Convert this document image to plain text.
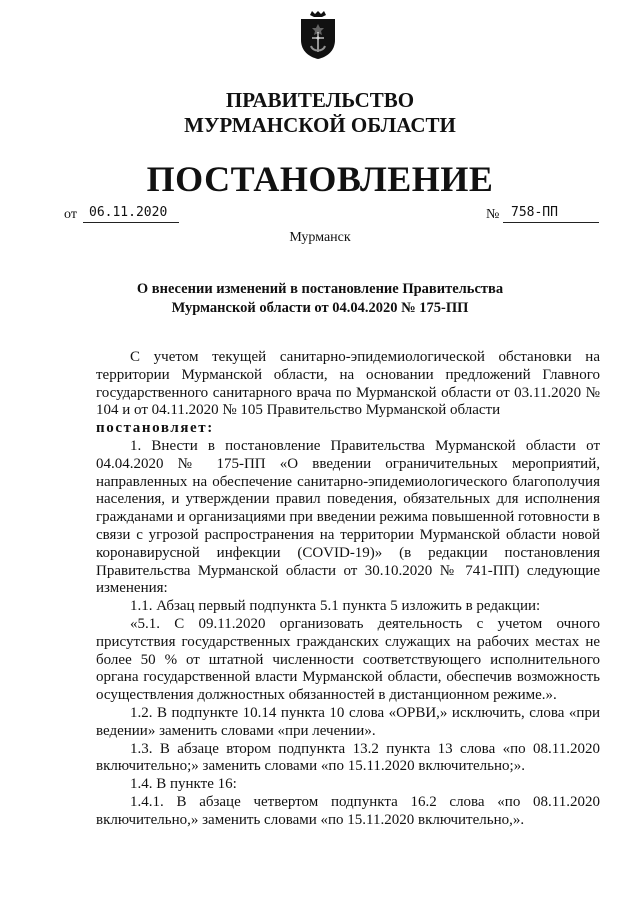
ПРАВИТЕЛЬСТВО
МУРМАНСКОЙ ОБЛАСТИ
ПОСТАНОВЛЕНИЕ
от 06.11.2020	№ 758-ПП
Мурманск
О внесении изменений в постановление Правительства
Мурманской области от 04.04.2020 № 175-ПП

С учетом текущей санитарно-эпидемиологической обстановки на территории Мурманской области, на основании предложений Главного государственного санитарного врача по Мурманской области от 03.11.2020 № 104 и от 04.11.2020 № 105 Правительство Мурманской области

постановляет:

1. Внести в постановление Правительства Мурманской области от 04.04.2020 № 175-ПП «О введении ограничительных мероприятий, направленных на обеспечение санитарно-эпидемиологического благополучия населения, и утверждении правил поведения, обязательных для исполнения гражданами и организациями при введении режима повышенной готовности в связи с угрозой распространения на территории Мурманской области новой коронавирусной инфекции (COVID-19)» (в редакции постановления Правительства Мурманской области от 30.10.2020 № 741-ПП) следующие изменения:

1.1. Абзац первый подпункта 5.1 пункта 5 изложить в редакции:

«5.1. С 09.11.2020 организовать деятельность с учетом очного присутствия государственных гражданских служащих на рабочих местах не более 50 % от штатной численности соответствующего исполнительного органа государственной власти Мурманской области, обеспечив возможность осуществления должностных обязанностей в дистанционном режиме.».

1.2. В подпункте 10.14 пункта 10 слова «ОРВИ,» исключить, слова «при ведении» заменить словами «при лечении».

1.3. В абзаце втором подпункта 13.2 пункта 13 слова «по 08.11.2020 включительно;» заменить словами «по 15.11.2020 включительно;».

1.4. В пункте 16:

1.4.1. В абзаце четвертом подпункта 16.2 слова «по 08.11.2020 включительно,» заменить словами «по 15.11.2020 включительно,».
